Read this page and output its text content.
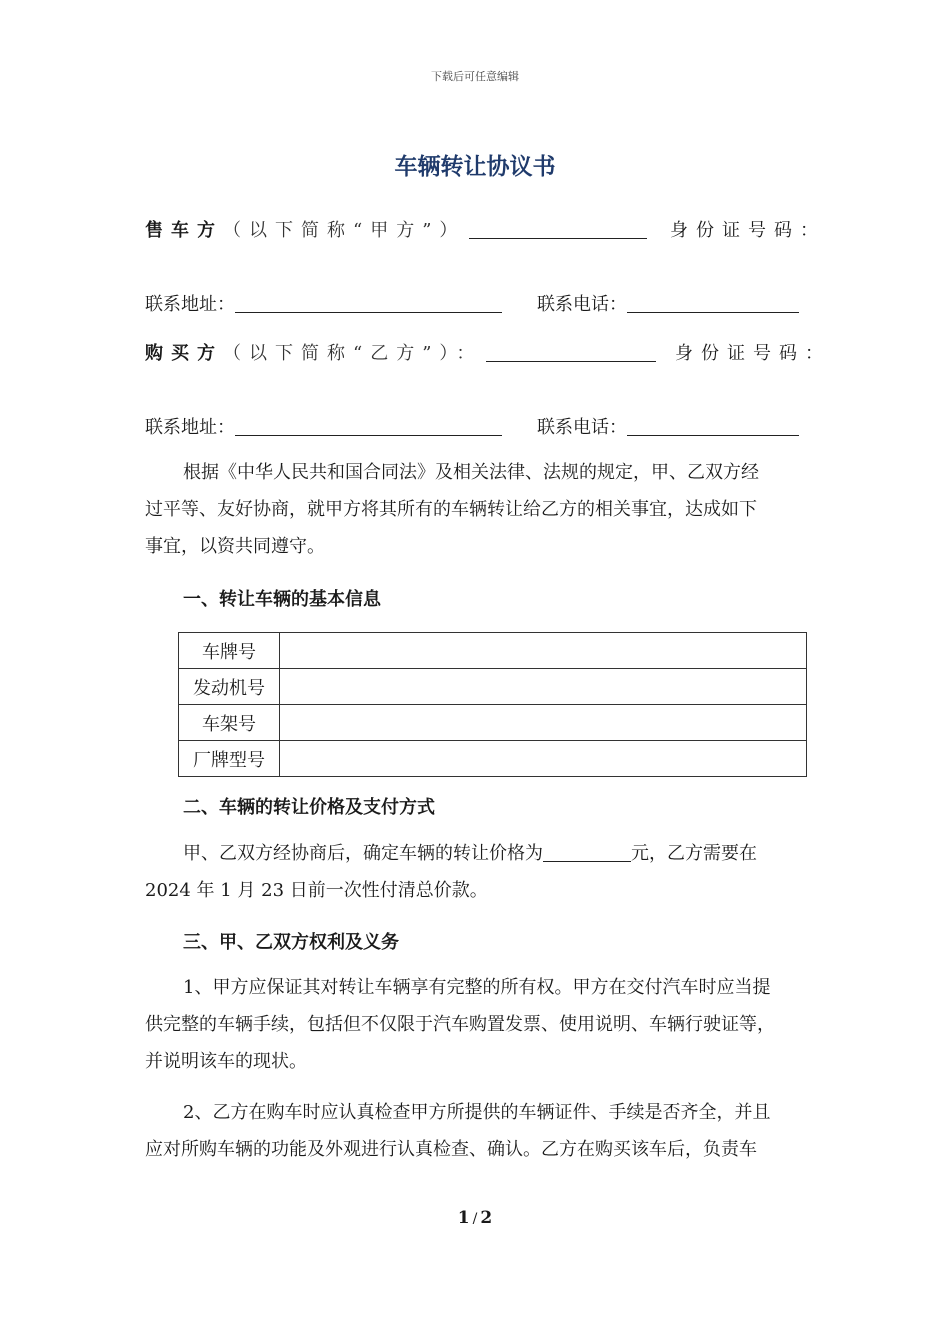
下载后可任意编辑
车辆转让协议书
售车方（以下简称“甲方”）	身份证号码：
联系地址：	联系电话：
购买方（以下简称“乙方”）：	身份证号码：
联系地址：	联系电话：
根据《中华人民共和国合同法》及相关法律、法规的规定，甲、乙双方经
过平等、友好协商，就甲方将其所有的车辆转让给乙方的相关事宜，达成如下
事宜，以资共同遵守。
一、转让车辆的基本信息
车牌号	
发动机号	
车架号	
厂牌型号	
二、车辆的转让价格及支付方式
甲、乙双方经协商后，确定车辆的转让价格为	元，乙方需要在
2024 年 1 月 23 日前一次性付清总价款。
三、甲、乙双方权利及义务
1、甲方应保证其对转让车辆享有完整的所有权。甲方在交付汽车时应当提
供完整的车辆手续，包括但不仅限于汽车购置发票、使用说明、车辆行驶证等，
并说明该车的现状。
2、乙方在购车时应认真检查甲方所提供的车辆证件、手续是否齐全，并且
应对所购车辆的功能及外观进行认真检查、确认。乙方在购买该车后，负责车
1 / 2
